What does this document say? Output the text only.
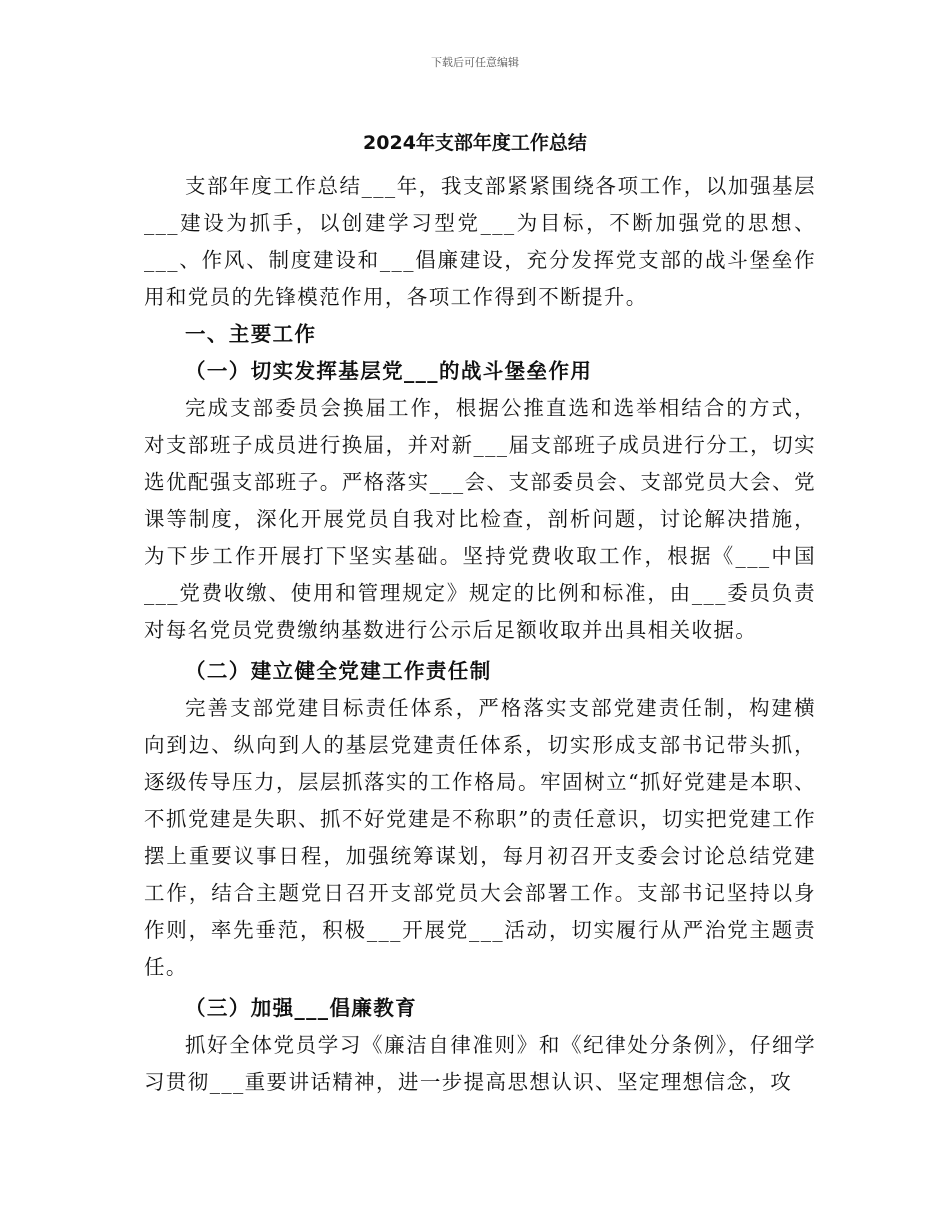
下载后可任意编辑
2024年支部年度工作总结

支部年度工作总结___年，我支部紧紧围绕各项工作，以加强基层___建设为抓手，以创建学习型党___为目标，不断加强党的思想、___、作风、制度建设和___倡廉建设，充分发挥党支部的战斗堡垒作用和党员的先锋模范作用，各项工作得到不断提升。

一、主要工作
（一）切实发挥基层党___的战斗堡垒作用

完成支部委员会换届工作，根据公推直选和选举相结合的方式，对支部班子成员进行换届，并对新___届支部班子成员进行分工，切实选优配强支部班子。严格落实___会、支部委员会、支部党员大会、党课等制度，深化开展党员自我对比检查，剖析问题，讨论解决措施，为下步工作开展打下坚实基础。坚持党费收取工作，根据《___中国___党费收缴、使用和管理规定》规定的比例和标准，由___委员负责对每名党员党费缴纳基数进行公示后足额收取并出具相关收据。

（二）建立健全党建工作责任制

完善支部党建目标责任体系，严格落实支部党建责任制，构建横向到边、纵向到人的基层党建责任体系，切实形成支部书记带头抓，逐级传导压力，层层抓落实的工作格局。牢固树立“抓好党建是本职、不抓党建是失职、抓不好党建是不称职”的责任意识，切实把党建工作摆上重要议事日程，加强统筹谋划，每月初召开支委会讨论总结党建工作，结合主题党日召开支部党员大会部署工作。支部书记坚持以身作则，率先垂范，积极___开展党___活动，切实履行从严治党主题责任。

（三）加强___倡廉教育

抓好全体党员学习《廉洁自律准则》和《纪律处分条例》，仔细学习贯彻___重要讲话精神，进一步提高思想认识、坚定理想信念，攻
